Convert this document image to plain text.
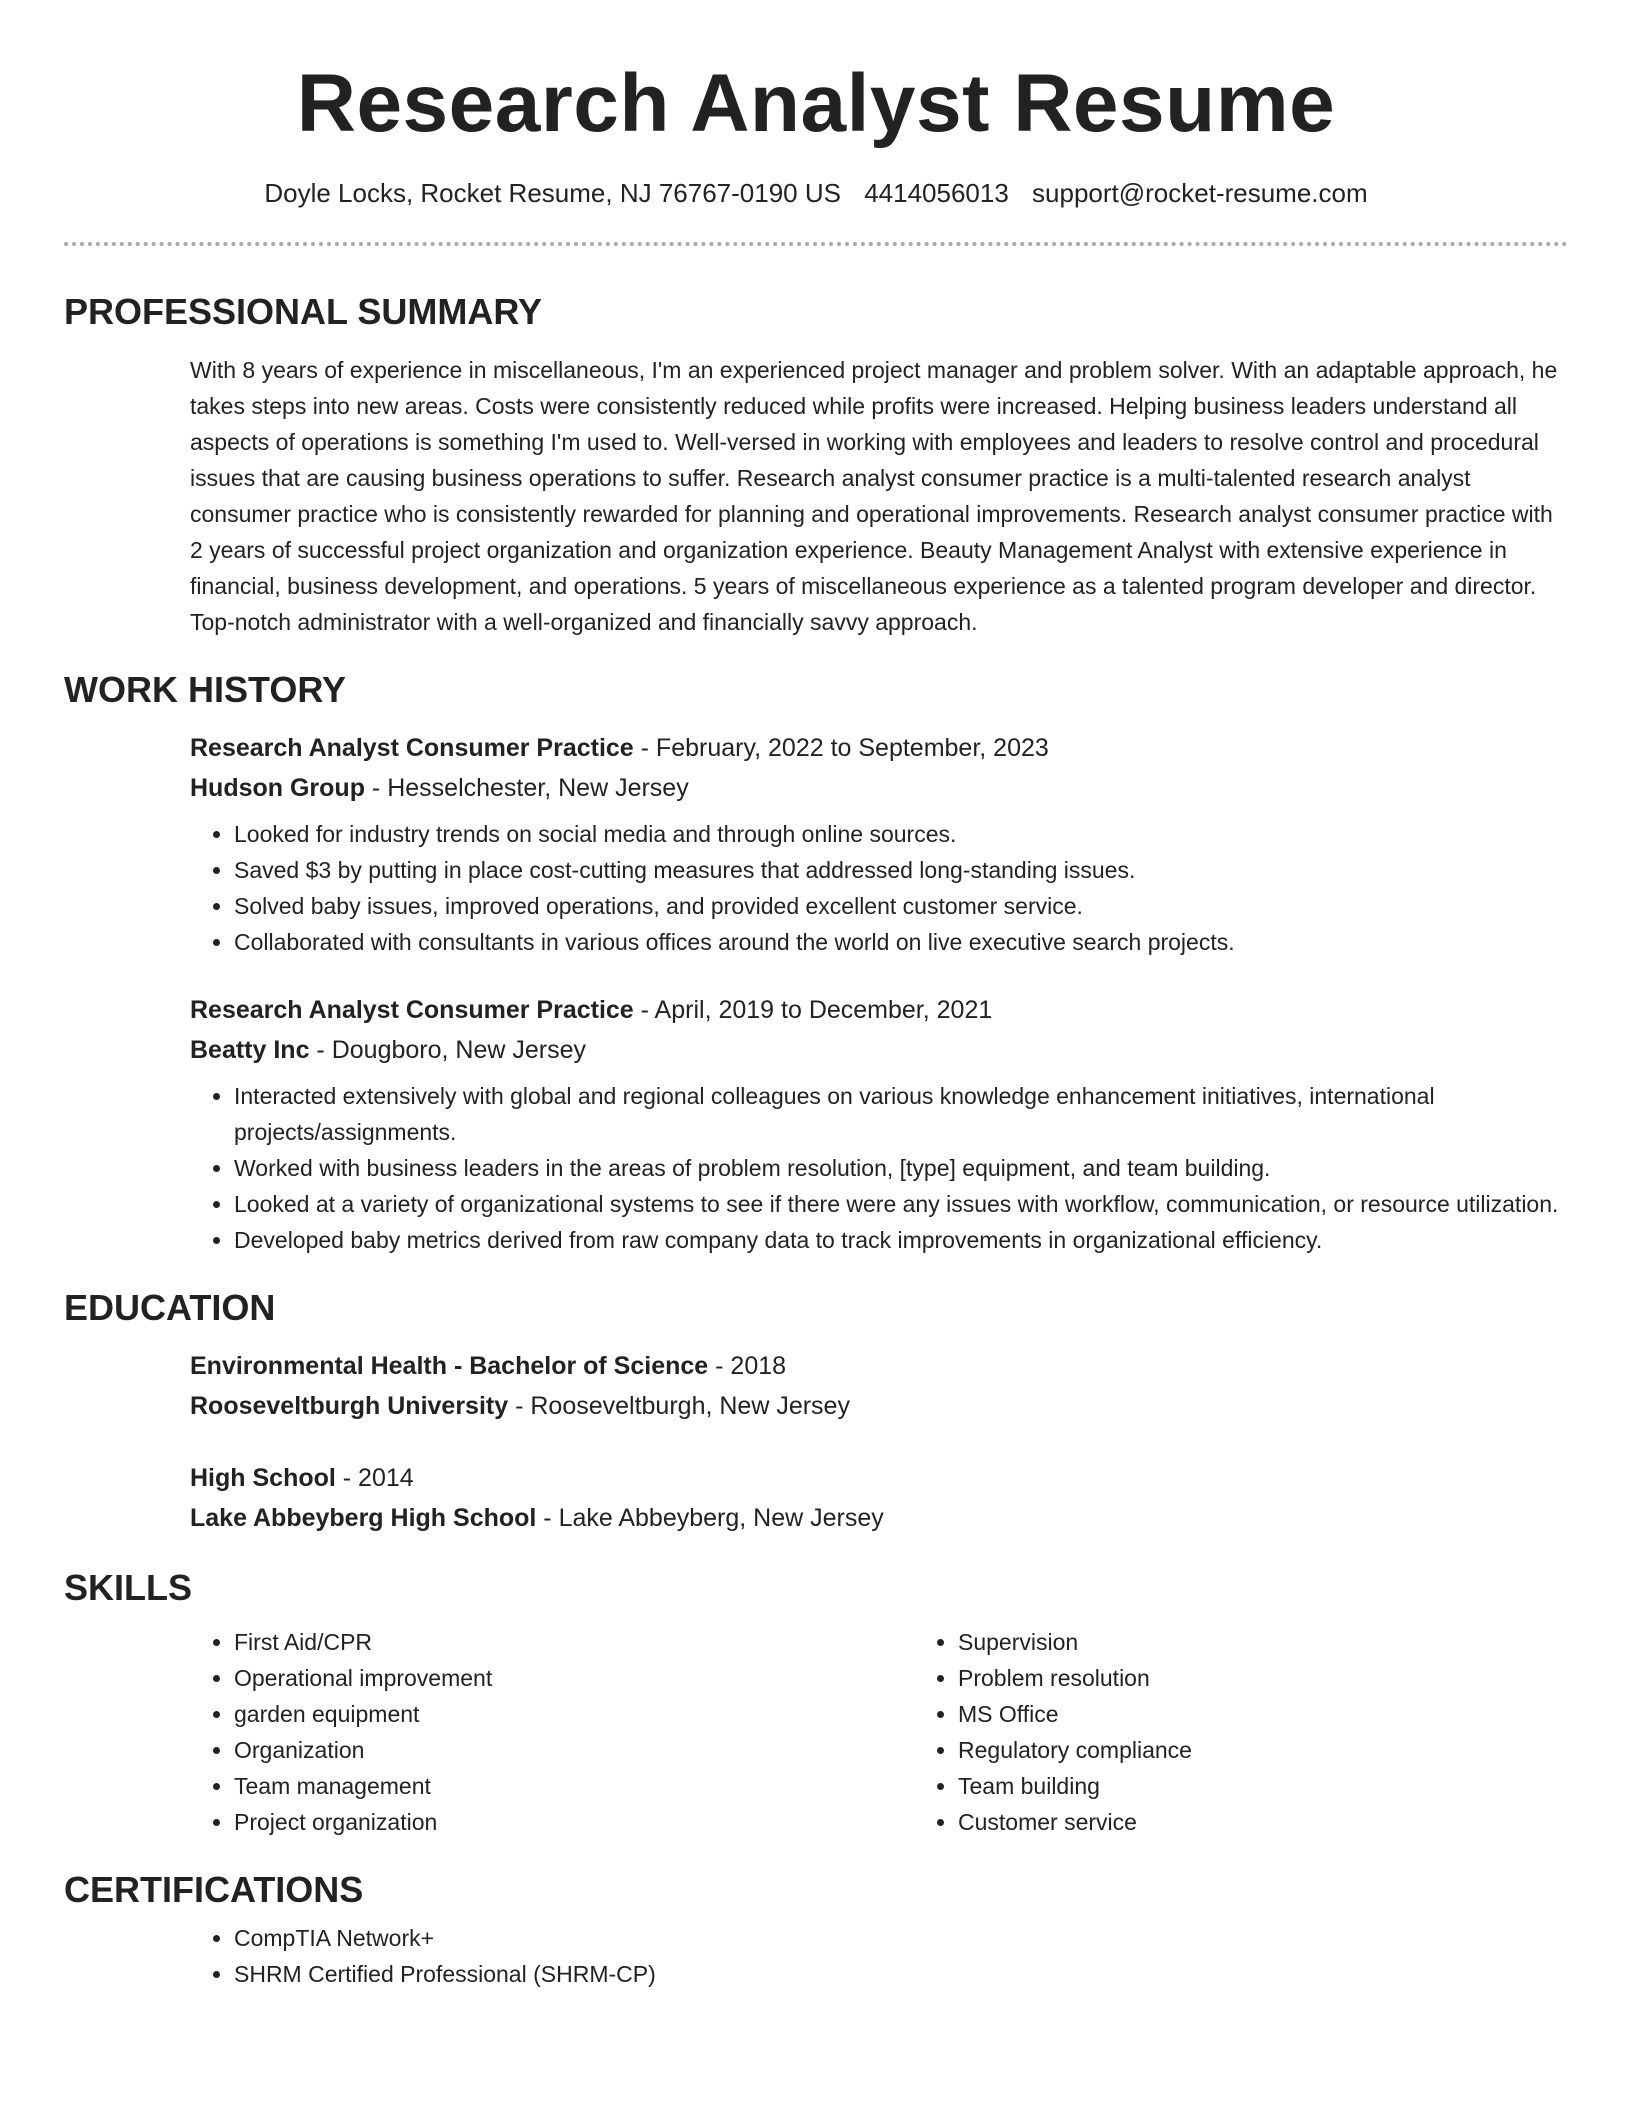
Research Analyst Resume
Doyle Locks, Rocket Resume, NJ 76767-0190 US 4414056013 support@rocket-resume.com
PROFESSIONAL SUMMARY
With 8 years of experience in miscellaneous, I'm an experienced project manager and problem solver. With an adaptable approach, he takes steps into new areas. Costs were consistently reduced while profits were increased. Helping business leaders understand all aspects of operations is something I'm used to. Well-versed in working with employees and leaders to resolve control and procedural issues that are causing business operations to suffer. Research analyst consumer practice is a multi-talented research analyst consumer practice who is consistently rewarded for planning and operational improvements. Research analyst consumer practice with 2 years of successful project organization and organization experience. Beauty Management Analyst with extensive experience in financial, business development, and operations. 5 years of miscellaneous experience as a talented program developer and director. Top-notch administrator with a well-organized and financially savvy approach.
WORK HISTORY
Research Analyst Consumer Practice - February, 2022 to September, 2023
Hudson Group - Hesselchester, New Jersey
• Looked for industry trends on social media and through online sources.
• Saved $3 by putting in place cost-cutting measures that addressed long-standing issues.
• Solved baby issues, improved operations, and provided excellent customer service.
• Collaborated with consultants in various offices around the world on live executive search projects.
Research Analyst Consumer Practice - April, 2019 to December, 2021
Beatty Inc - Dougboro, New Jersey
• Interacted extensively with global and regional colleagues on various knowledge enhancement initiatives, international projects/assignments.
• Worked with business leaders in the areas of problem resolution, [type] equipment, and team building.
• Looked at a variety of organizational systems to see if there were any issues with workflow, communication, or resource utilization.
• Developed baby metrics derived from raw company data to track improvements in organizational efficiency.
EDUCATION
Environmental Health - Bachelor of Science - 2018
Rooseveltburgh University - Rooseveltburgh, New Jersey
High School - 2014
Lake Abbeyberg High School - Lake Abbeyberg, New Jersey
SKILLS
• First Aid/CPR
• Operational improvement
• garden equipment
• Organization
• Team management
• Project organization
• Supervision
• Problem resolution
• MS Office
• Regulatory compliance
• Team building
• Customer service
CERTIFICATIONS
• CompTIA Network+
• SHRM Certified Professional (SHRM-CP)
